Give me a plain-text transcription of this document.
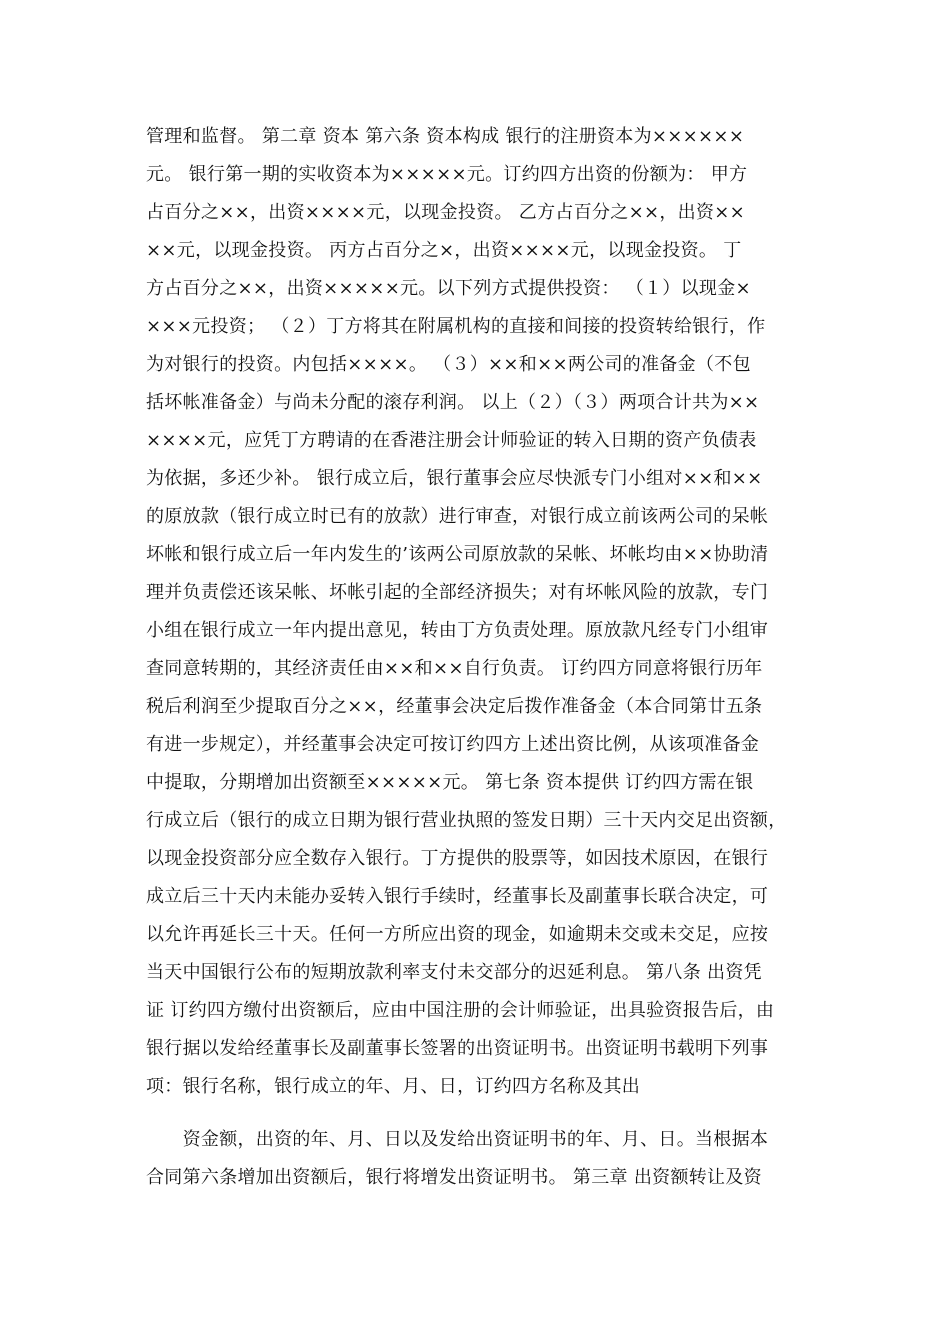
管理和监督。 第二章 资本 第六条 资本构成 银行的注册资本为××××××
元。 银行第一期的实收资本为×××××元。订约四方出资的份额为： 甲方
占百分之××，出资××××元，以现金投资。 乙方占百分之××，出资××
××元，以现金投资。 丙方占百分之×，出资××××元，以现金投资。 丁
方占百分之××，出资×××××元。以下列方式提供投资： （１）以现金×
×××元投资； （２）丁方将其在附属机构的直接和间接的投资转给银行，作
为对银行的投资。内包括××××。 （３）××和××两公司的准备金（不包
括坏帐准备金）与尚未分配的滚存利润。 以上（２）（３）两项合计共为××
××××元，应凭丁方聘请的在香港注册会计师验证的转入日期的资产负债表
为依据，多还少补。 银行成立后，银行董事会应尽快派专门小组对××和××
的原放款（银行成立时已有的放款）进行审查，对银行成立前该两公司的呆帐
坏帐和银行成立后一年内发生的’该两公司原放款的呆帐、坏帐均由××协助清
理并负责偿还该呆帐、坏帐引起的全部经济损失；对有坏帐风险的放款，专门
小组在银行成立一年内提出意见，转由丁方负责处理。原放款凡经专门小组审
查同意转期的，其经济责任由××和××自行负责。 订约四方同意将银行历年
税后利润至少提取百分之××，经董事会决定后拨作准备金（本合同第廿五条
有进一步规定），并经董事会决定可按订约四方上述出资比例，从该项准备金
中提取，分期增加出资额至×××××元。 第七条 资本提供 订约四方需在银
行成立后（银行的成立日期为银行营业执照的签发日期）三十天内交足出资额，
以现金投资部分应全数存入银行。丁方提供的股票等，如因技术原因，在银行
成立后三十天内未能办妥转入银行手续时，经董事长及副董事长联合决定，可
以允许再延长三十天。任何一方所应出资的现金，如逾期未交或未交足，应按
当天中国银行公布的短期放款利率支付未交部分的迟延利息。 第八条 出资凭
证 订约四方缴付出资额后，应由中国注册的会计师验证，出具验资报告后，由
银行据以发给经董事长及副董事长签署的出资证明书。出资证明书载明下列事
项：银行名称，银行成立的年、月、日，订约四方名称及其出
　　资金额，出资的年、月、日以及发给出资证明书的年、月、日。当根据本
合同第六条增加出资额后，银行将增发出资证明书。 第三章 出资额转让及资
